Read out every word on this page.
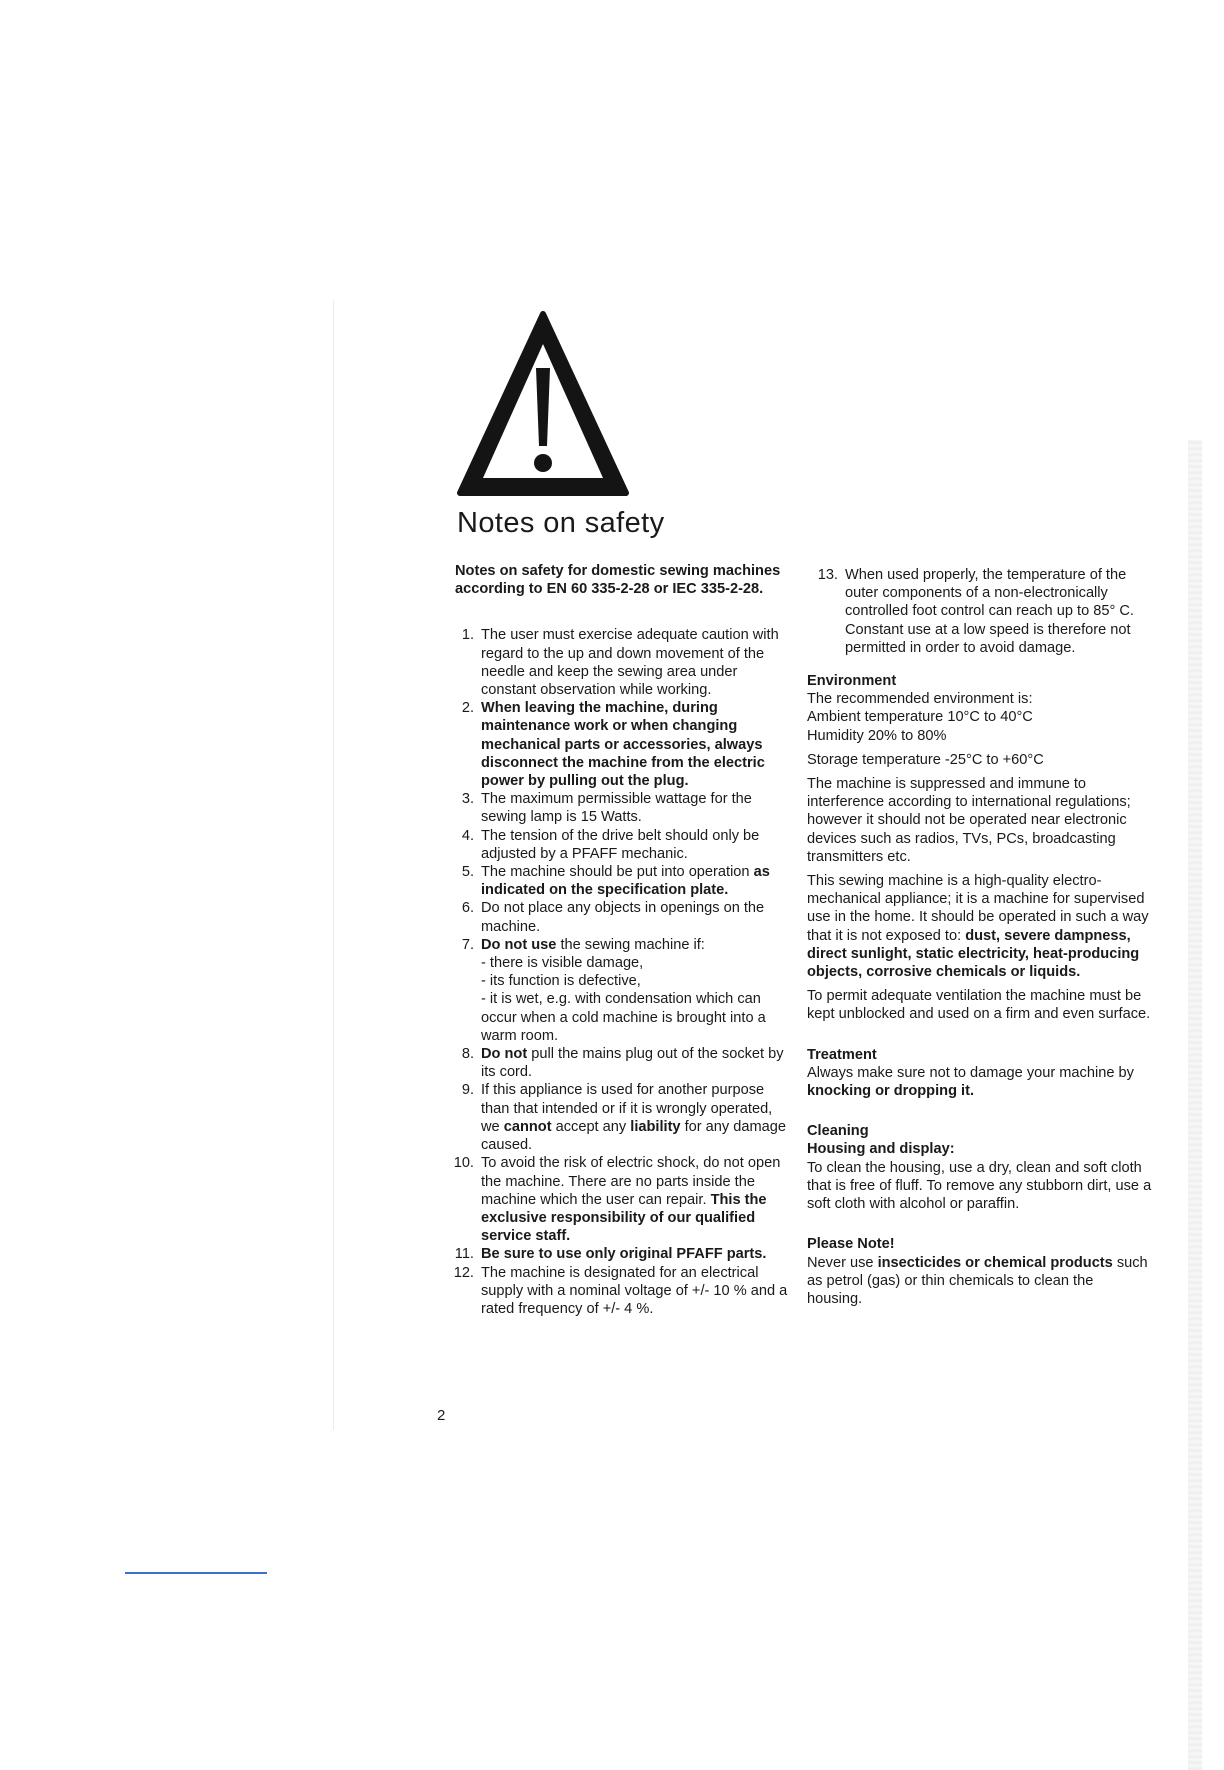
Notes on safety

Notes on safety for domestic sewing machines according to EN 60 335-2-28 or IEC 335-2-28.

1. The user must exercise adequate caution with regard to the up and down movement of the needle and keep the sewing area under constant observation while working.
2. When leaving the machine, during maintenance work or when changing mechanical parts or accessories, always disconnect the machine from the electric power by pulling out the plug.
3. The maximum permissible wattage for the sewing lamp is 15 Watts.
4. The tension of the drive belt should only be adjusted by a PFAFF mechanic.
5. The machine should be put into operation as indicated on the specification plate.
6. Do not place any objects in openings on the machine.
7. Do not use the sewing machine if:
- there is visible damage,
- its function is defective,
- it is wet, e.g. with condensation which can occur when a cold machine is brought into a warm room.
8. Do not pull the mains plug out of the socket by its cord.
9. If this appliance is used for another purpose than that intended or if it is wrongly operated, we cannot accept any liability for any damage caused.
10. To avoid the risk of electric shock, do not open the machine. There are no parts inside the machine which the user can repair. This the exclusive responsibility of our qualified service staff.
11. Be sure to use only original PFAFF parts.
12. The machine is designated for an electrical supply with a nominal voltage of +/- 10 % and a rated frequency of +/- 4 %.
13. When used properly, the temperature of the outer components of a non-electronically controlled foot control can reach up to 85° C. Constant use at a low speed is therefore not permitted in order to avoid damage.

Environment

The recommended environment is:

Ambient temperature 10°C to 40°C

Humidity 20% to 80%

Storage temperature -25°C to +60°C

The machine is suppressed and immune to interference according to international regulations; however it should not be operated near electronic devices such as radios, TVs, PCs, broadcasting transmitters etc.

This sewing machine is a high-quality electro-mechanical appliance; it is a machine for supervised use in the home. It should be operated in such a way that it is not exposed to: dust, severe dampness, direct sunlight, static electricity, heat-producing objects, corrosive chemicals or liquids.

To permit adequate ventilation the machine must be kept unblocked and used on a firm and even surface.

Treatment

Always make sure not to damage your machine by knocking or dropping it.

Cleaning

Housing and display:

To clean the housing, use a dry, clean and soft cloth that is free of fluff. To remove any stubborn dirt, use a soft cloth with alcohol or paraffin.

Please Note!

Never use insecticides or chemical products such as petrol (gas) or thin chemicals to clean the housing.

2
